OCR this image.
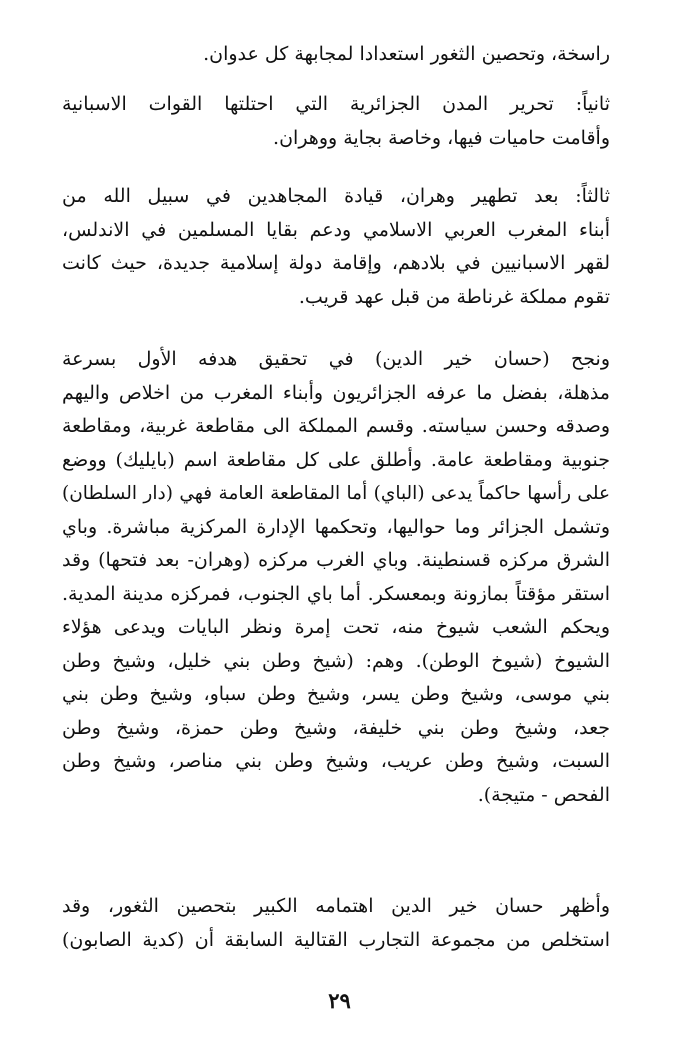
راسخة، وتحصين الثغور استعدادا لمجابهة كل عدوان.

ثانياً: تحرير المدن الجزائرية التي احتلتها القوات الاسبانية
وأقامت حاميات فيها، وخاصة بجاية ووهران.

ثالثاً: بعد تطهير وهران، قيادة المجاهدين في سبيل الله من
أبناء المغرب العربي الاسلامي ودعم بقايا المسلمين في الاندلس،
لقهر الاسبانيين في بلادهم، وإقامة دولة إسلامية جديدة، حيث كانت
تقوم مملكة غرناطة من قبل عهد قريب.

ونجح (حسان خير الدين) في تحقيق هدفه الأول بسرعة
مذهلة، بفضل ما عرفه الجزائريون وأبناء المغرب من اخلاص واليهم
وصدقه وحسن سياسته. وقسم المملكة الى مقاطعة غربية، ومقاطعة
جنوبية ومقاطعة عامة. وأطلق على كل مقاطعة اسم (بايليك) ووضع
على رأسها حاكماً يدعى (الباي) أما المقاطعة العامة فهي (دار السلطان)
وتشمل الجزائر وما حواليها، وتحكمها الإدارة المركزية مباشرة. وباي
الشرق مركزه قسنطينة. وباي الغرب مركزه (وهران- بعد فتحها) وقد
استقر مؤقتاً بمازونة وبمعسكر. أما باي الجنوب، فمركزه مدينة المدية.
ويحكم الشعب شيوخ منه، تحت إمرة ونظر البايات ويدعى هؤلاء
الشيوخ (شيوخ الوطن). وهم: (شيخ وطن بني خليل، وشيخ وطن
بني موسى، وشيخ وطن يسر، وشيخ وطن سباو، وشيخ وطن بني
جعد، وشيخ وطن بني خليفة، وشيخ وطن حمزة، وشيخ وطن
السبت، وشيخ وطن عريب، وشيخ وطن بني مناصر، وشيخ وطن
الفحص - متيجة).

وأظهر حسان خير الدين اهتمامه الكبير بتحصين الثغور، وقد
استخلص من مجموعة التجارب القتالية السابقة أن (كدية الصابون)

٢٩
